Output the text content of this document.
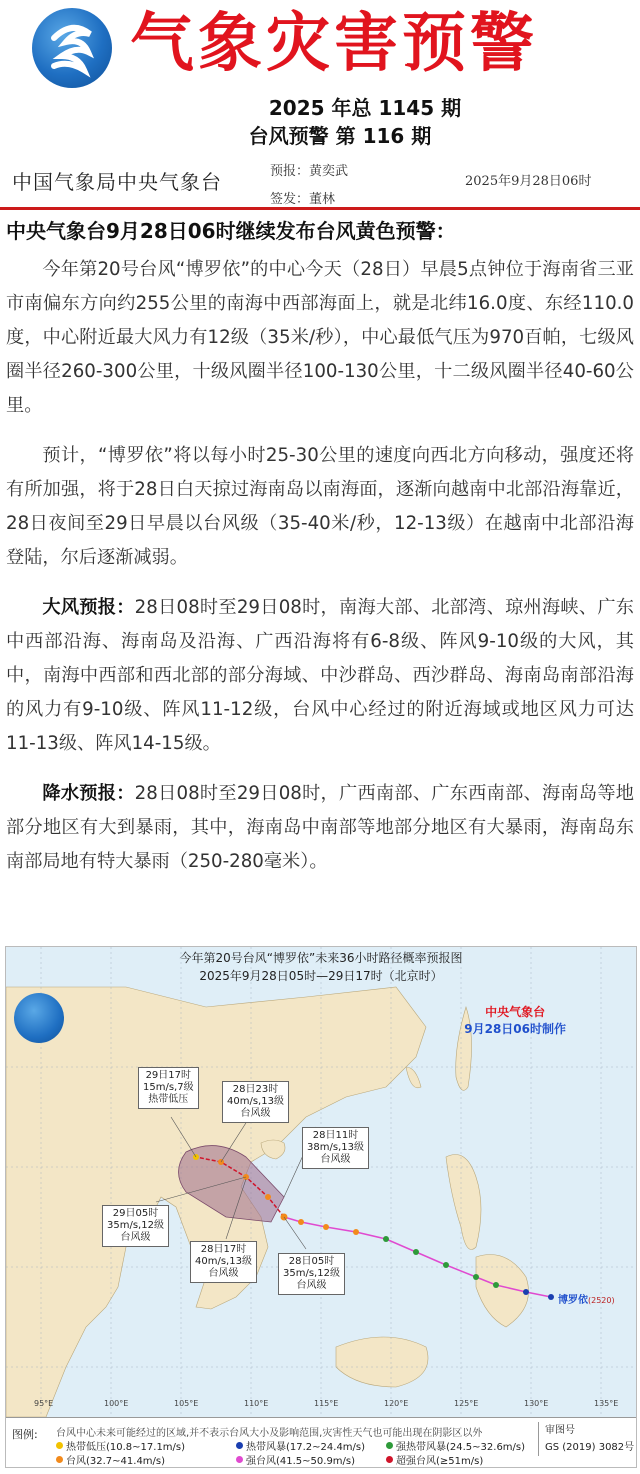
气象灾害预警
2025 年总 1145 期
台风预警 第 116 期
中国气象局中央气象台	预报：黄奕武
签发：董林
2025年9月28日06时
中央气象台9月28日06时继续发布台风黄色预警：

今年第20号台风“博罗依”的中心今天（28日）早晨5点钟位于海南省三亚市南偏东方向约255公里的南海中西部海面上，就是北纬16.0度、东经110.0度，中心附近最大风力有12级（35米/秒），中心最低气压为970百帕，七级风圈半径260-300公里，十级风圈半径100-130公里，十二级风圈半径40-60公里。

预计，“博罗依”将以每小时25-30公里的速度向西北方向移动，强度还将有所加强，将于28日白天掠过海南岛以南海面，逐渐向越南中北部沿海靠近，28日夜间至29日早晨以台风级（35-40米/秒，12-13级）在越南中北部沿海登陆，尔后逐渐减弱。

大风预报：28日08时至29日08时，南海大部、北部湾、琼州海峡、广东中西部沿海、海南岛及沿海、广西沿海将有6-8级、阵风9-10级的大风，其中，南海中西部和西北部的部分海域、中沙群岛、西沙群岛、海南岛南部沿海的风力有9-10级、阵风11-12级，台风中心经过的附近海域或地区风力可达11-13级、阵风14-15级。

降水预报：28日08时至29日08时，广西南部、广东西南部、海南岛等地部分地区有大到暴雨，其中，海南岛中南部等地部分地区有大暴雨，海南岛东南部局地有特大暴雨（250-280毫米）。

今年第20号台风“博罗依”未来36小时路径概率预报图
2025年9月28日05时—29日17时（北京时）
中央气象台
9月28日06时制作
29日17时
15m/s,7级
热带低压
28日23时
40m/s,13级
台风级
28日11时
38m/s,13级
台风级
29日05时
35m/s,12级
台风级
28日17时
40m/s,13级
台风级
28日05时
35m/s,12级
台风级
博罗依(2520)
95°E	100°E	105°E	110°E	115°E	120°E	125°E	130°E	135°E
图例: 台风中心未来可能经过的区域,并不表示台风大小及影响范围,灾害性天气也可能出现在阴影区以外
热带低压(10.8~17.1m/s)	热带风暴(17.2~24.4m/s)	强热带风暴(24.5~32.6m/s)
台风(32.7~41.4m/s)	强台风(41.5~50.9m/s)	超强台风(≥51m/s)
审图号
GS (2019) 3082号
